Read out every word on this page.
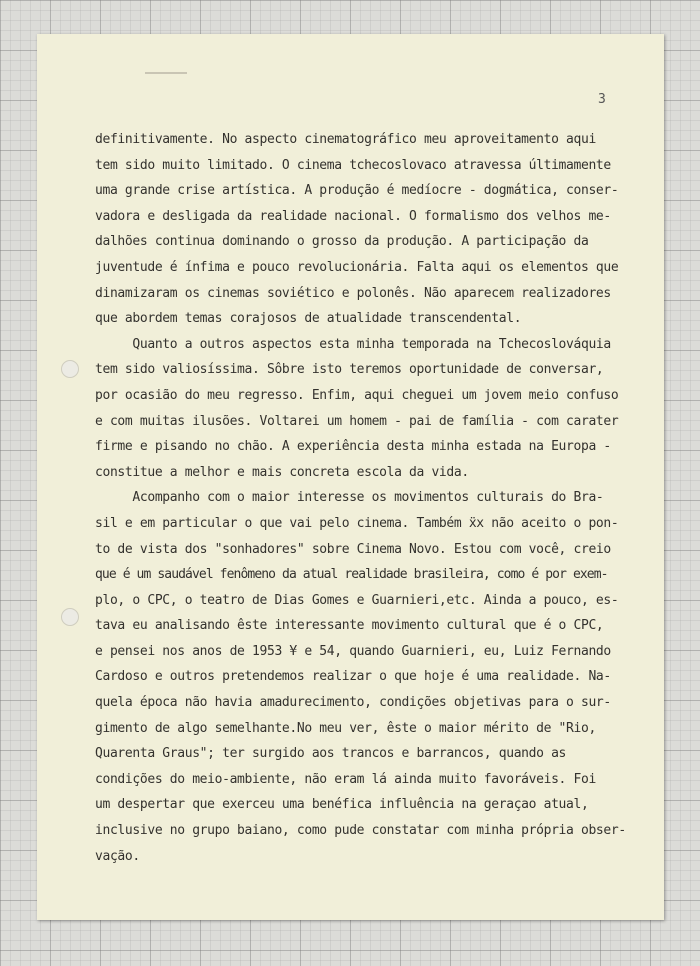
3
definitivamente. No aspecto cinematográfico meu aproveitamento aqui
tem sido muito limitado. O cinema tchecoslovaco atravessa últimamente
uma grande crise artística. A produção é medíocre - dogmática, conser-
vadora e desligada da realidade nacional. O formalismo dos velhos me-
dalhões continua dominando o grosso da produção. A participação da
juventude é ínfima e pouco revolucionária. Falta aqui os elementos que
dinamizaram os cinemas soviético e polonês. Não aparecem realizadores
que abordem temas corajosos de atualidade transcendental.
Quanto a outros aspectos esta minha temporada na Tchecoslováquia
tem sido valiosíssima. Sôbre isto teremos oportunidade de conversar,
por ocasião do meu regresso. Enfim, aqui cheguei um jovem meio confuso
e com muitas ilusões. Voltarei um homem - pai de família - com carater
firme e pisando no chão. A experiência desta minha estada na Europa -
constitue a melhor e mais concreta escola da vida.
Acompanho com o maior interesse os movimentos culturais do Bra-
sil e em particular o que vai pelo cinema. Também ẍx não aceito o pon-
to de vista dos "sonhadores" sobre Cinema Novo. Estou com você, creio
que é um saudável fenômeno da atual realidade brasileira, como é por exem-
plo, o CPC, o teatro de Dias Gomes e Guarnieri,etc. Ainda a pouco, es-
tava eu analisando êste interessante movimento cultural que é o CPC,
e pensei nos anos de 1953 ¥ e 54, quando Guarnieri, eu, Luiz Fernando
Cardoso e outros pretendemos realizar o que hoje é uma realidade. Na-
quela época não havia amadurecimento, condições objetivas para o sur-
gimento de algo semelhante.No meu ver, êste o maior mérito de "Rio,
Quarenta Graus"; ter surgido aos trancos e barrancos, quando as
condições do meio-ambiente, não eram lá ainda muito favoráveis. Foi
um despertar que exerceu uma benéfica influência na geraçao atual,
inclusive no grupo baiano, como pude constatar com minha própria obser-
vação.
